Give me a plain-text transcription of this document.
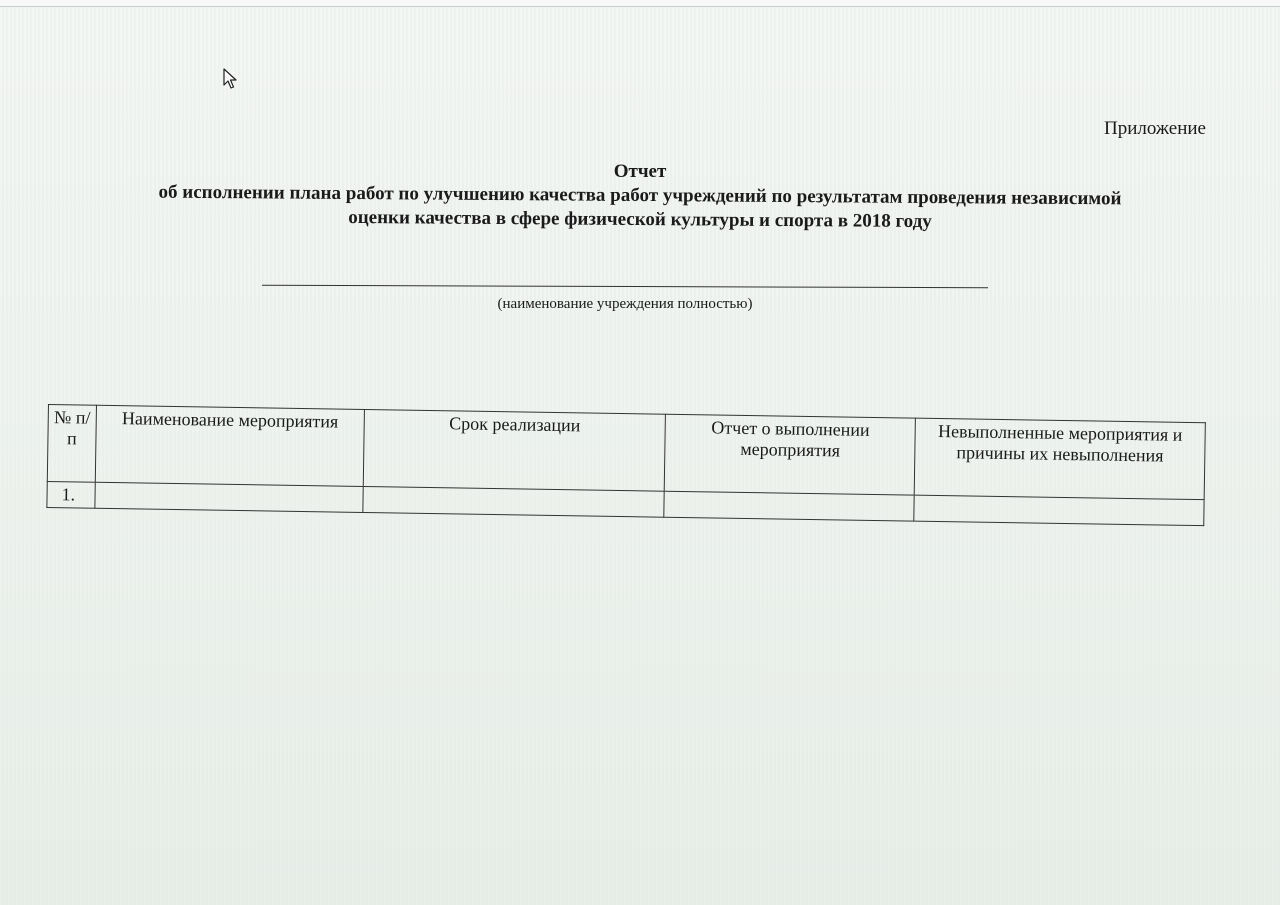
Приложение
Отчет
об исполнении плана работ по улучшению качества работ учреждений по результатам проведения независимой
оценки качества в сфере физической культуры и спорта в 2018 году
(наименование учреждения полностью)
№ п/п	Наименование мероприятия	Срок реализации	Отчет о выполнении мероприятия	Невыполненные мероприятия и причины их невыполнения
1.				
